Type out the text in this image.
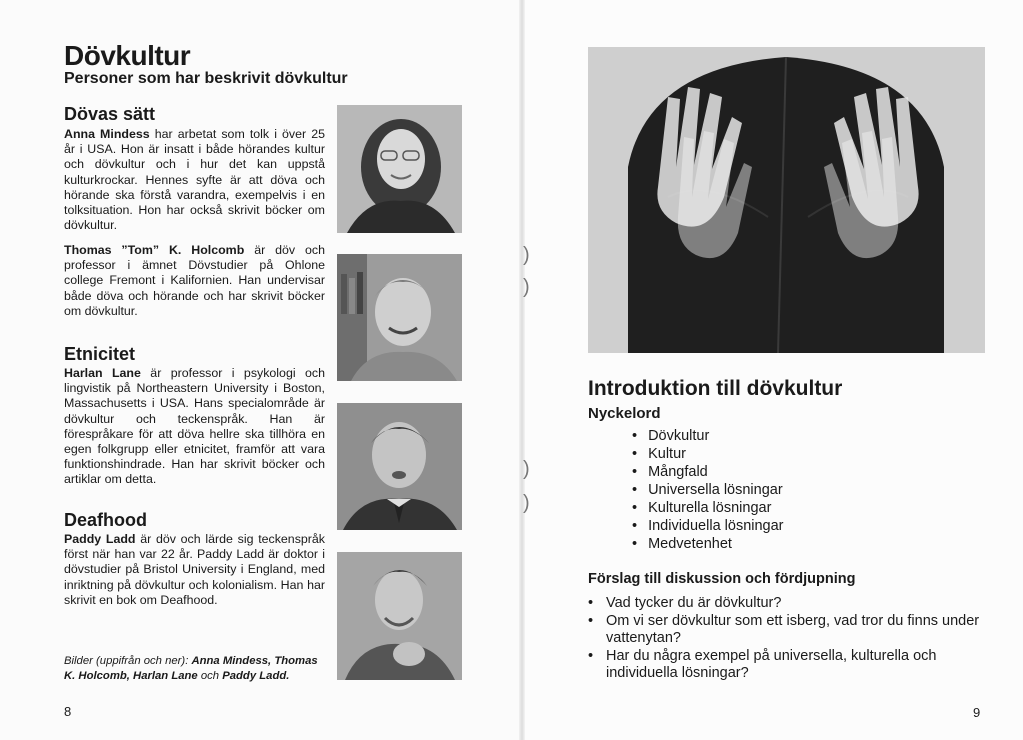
Dövkultur
Personer som har beskrivit dövkultur
Dövas sätt
Anna Mindess har arbetat som tolk i över 25 år i USA. Hon är insatt i både hörandes kultur och dövkultur och i hur det kan uppstå kulturkrockar. Hennes syfte är att döva och hörande ska förstå varandra, exempelvis i en tolksituation. Hon har också skrivit böcker om dövkultur.
Thomas ”Tom” K. Holcomb är döv och professor i ämnet Dövstudier på Ohlone college Fremont i Kalifornien. Han undervisar både döva och hörande och har skrivit böcker om dövkultur.
Etnicitet
Harlan Lane är professor i psykologi och lingvistik på Northeastern University i Boston, Massachusetts i USA. Hans specialområde är dövkultur och teckenspråk. Han är förespråkare för att döva hellre ska tillhöra en egen folkgrupp eller etnicitet, framför att vara funktionshindrade. Han har skrivit böcker och artiklar om detta.
Deafhood
Paddy Ladd är döv och lärde sig teckenspråk först när han var 22 år. Paddy Ladd är doktor i dövstudier på Bristol University i England, med inriktning på dövkultur och kolonialism. Han har skrivit en bok om Deafhood.
Bilder (uppifrån och ner): Anna Mindess, Thomas K. Holcomb, Harlan Lane och Paddy Ladd.
8
)
)
)
)
Introduktion till dövkultur
Nyckelord
• Dövkultur
• Kultur
• Mångfald
• Universella lösningar
• Kulturella lösningar
• Individuella lösningar
• Medvetenhet
Förslag till diskussion och fördjupning
• Vad tycker du är dövkultur?
• Om vi ser dövkultur som ett isberg, vad tror du finns under vattenytan?
• Har du några exempel på universella, kulturella och individuella lösningar?
9
